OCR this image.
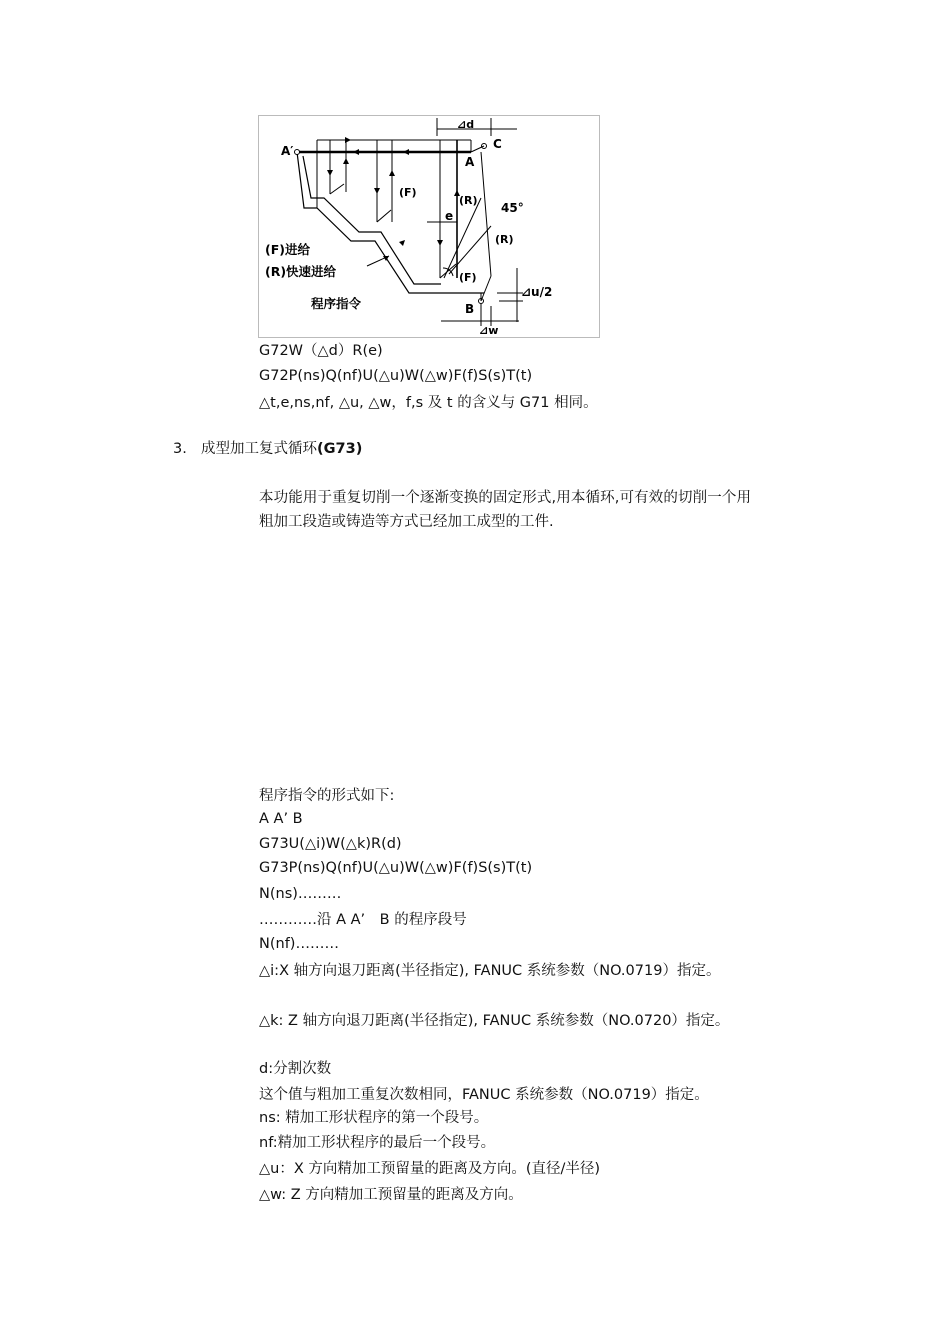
A′
A
C
B
⊿d
e
45°
(F)
(F)
(R)
(R)
⊿u/2
⊿w
(F)进给
(R)快速进给
程序指令
G72W（△d）R(e)
G72P(ns)Q(nf)U(△u)W(△w)F(f)S(s)T(t)
△t,e,ns,nf, △u, △w，f,s 及 t 的含义与 G71 相同。
3. 成型加工复式循环(G73)
本功能用于重复切削一个逐渐变换的固定形式,用本循环,可有效的切削一个用粗加工段造或铸造等方式已经加工成型的工件.
程序指令的形式如下:
A A’ B
G73U(△i)W(△k)R(d)
G73P(ns)Q(nf)U(△u)W(△w)F(f)S(s)T(t)
N(ns)………
…………沿 A A’　B 的程序段号
N(nf)………
△i:X 轴方向退刀距离(半径指定), FANUC 系统参数（NO.0719）指定。
△k: Z 轴方向退刀距离(半径指定), FANUC 系统参数（NO.0720）指定。
d:分割次数
这个值与粗加工重复次数相同，FANUC 系统参数（NO.0719）指定。
ns: 精加工形状程序的第一个段号。
nf:精加工形状程序的最后一个段号。
△u：X 方向精加工预留量的距离及方向。(直径/半径)
△w: Z 方向精加工预留量的距离及方向。
